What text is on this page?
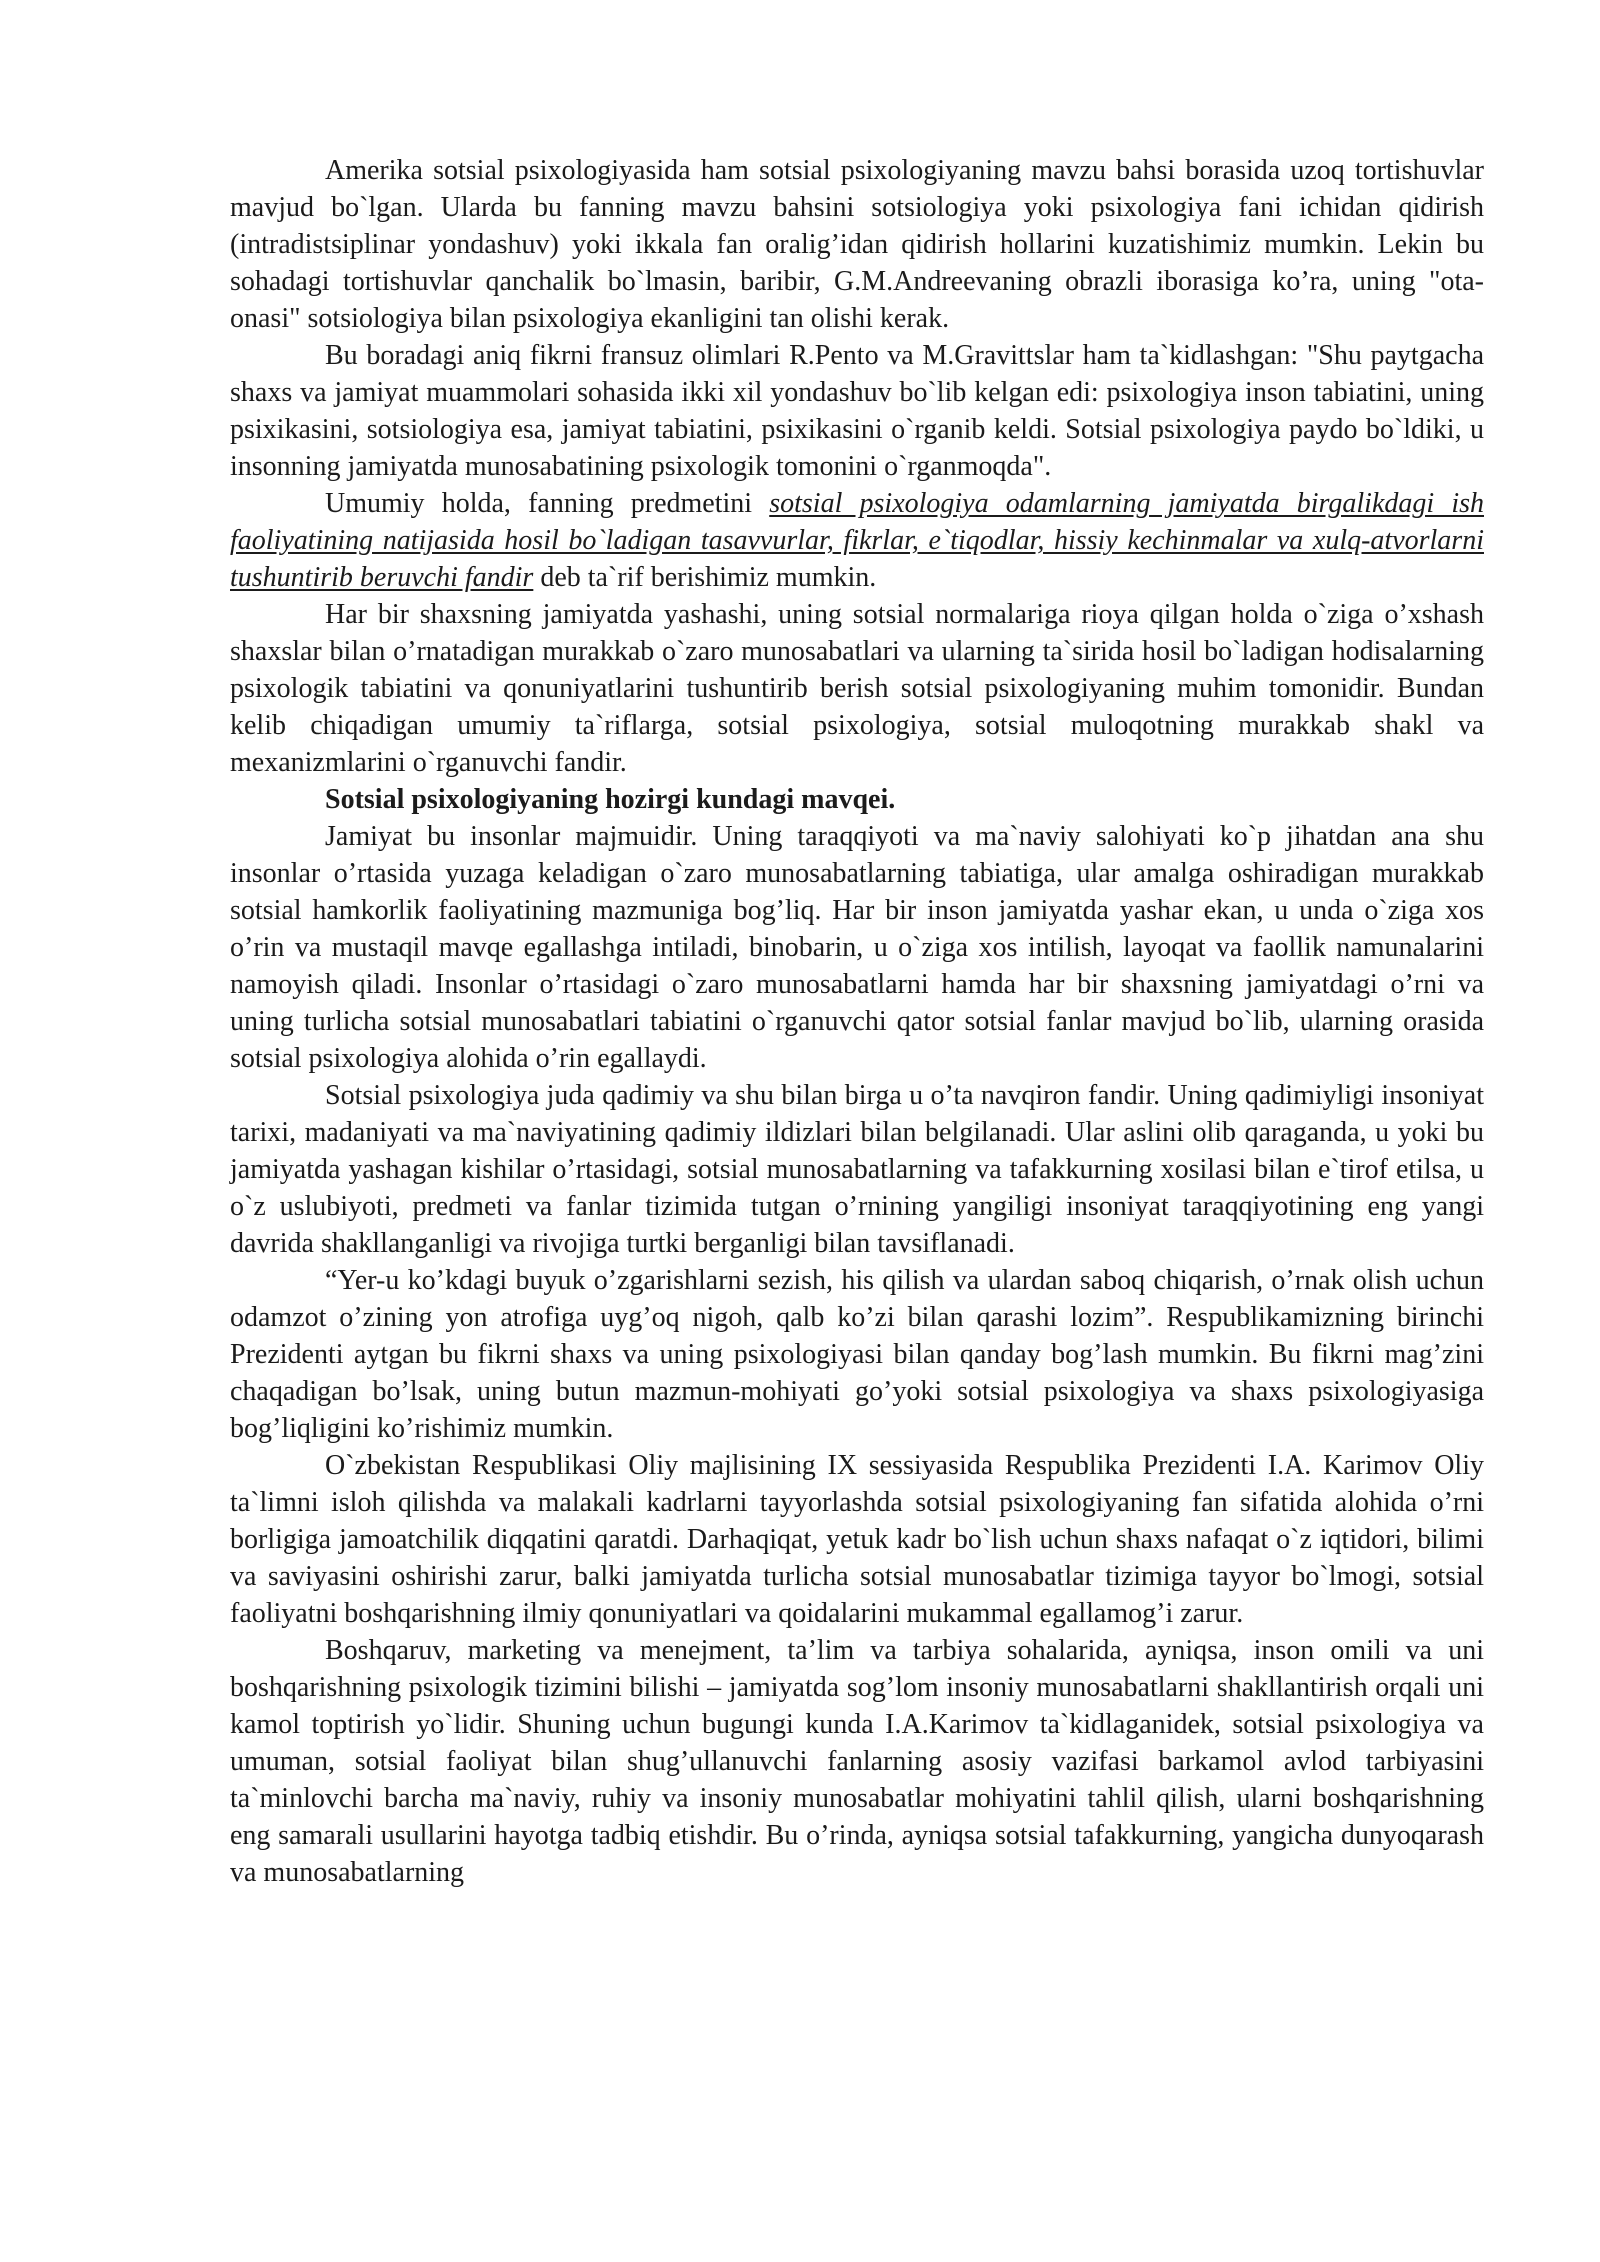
Amerika sotsial psixologiyasida ham sotsial psixologiyaning mavzu bahsi borasida uzoq tortishuvlar mavjud bo`lgan. Ularda bu fanning mavzu bahsini sotsiologiya yoki psixologiya fani ichidan qidirish (intradistsiplinar yondashuv) yoki ikkala fan oralig’idan qidirish hollarini kuzatishimiz mumkin. Lekin bu sohadagi tortishuvlar qanchalik bo`lmasin, baribir, G.M.Andreevaning obrazli iborasiga ko’ra, uning "ota-onasi" sotsiologiya bilan psixologiya ekanligini tan olishi kerak.

Bu boradagi aniq fikrni fransuz olimlari R.Pento va M.Gravittslar ham ta`kidlashgan: "Shu paytgacha shaxs va jamiyat muammolari sohasida ikki xil yondashuv bo`lib kelgan edi: psixologiya inson tabiatini, uning psixikasini, sotsiologiya esa, jamiyat tabiatini, psixikasini o`rganib keldi. Sotsial psixologiya paydo bo`ldiki, u insonning jamiyatda munosabatining psixologik tomonini o`rganmoqda".

Umumiy holda, fanning predmetini sotsial psixologiya odamlarning jamiyatda birgalikdagi ish faoliyatining natijasida hosil bo`ladigan tasavvurlar, fikrlar, e`tiqodlar, hissiy kechinmalar va xulq-atvorlarni tushuntirib beruvchi fandir deb ta`rif berishimiz mumkin.

Har bir shaxsning jamiyatda yashashi, uning sotsial normalariga rioya qilgan holda o`ziga o’xshash shaxslar bilan o’rnatadigan murakkab o`zaro munosabatlari va ularning ta`sirida hosil bo`ladigan hodisalarning psixologik tabiatini va qonuniyatlarini tushuntirib berish sotsial psixologiyaning muhim tomonidir. Bundan kelib chiqadigan umumiy ta`riflarga, sotsial psixologiya, sotsial muloqotning murakkab shakl va mexanizmlarini o`rganuvchi fandir.

Sotsial psixologiyaning hozirgi kundagi mavqei.

Jamiyat bu insonlar majmuidir. Uning taraqqiyoti va ma`naviy salohiyati ko`p jihatdan ana shu insonlar o’rtasida yuzaga keladigan o`zaro munosabatlarning tabiatiga, ular amalga oshiradigan murakkab sotsial hamkorlik faoliyatining mazmuniga bog’liq. Har bir inson jamiyatda yashar ekan, u unda o`ziga xos o’rin va mustaqil mavqe egallashga intiladi, binobarin, u o`ziga xos intilish, layoqat va faollik namunalarini namoyish qiladi. Insonlar o’rtasidagi o`zaro munosabatlarni hamda har bir shaxsning jamiyatdagi o’rni va uning turlicha sotsial munosabatlari tabiatini o`rganuvchi qator sotsial fanlar mavjud bo`lib, ularning orasida sotsial psixologiya alohida o’rin egallaydi.

Sotsial psixologiya juda qadimiy va shu bilan birga u o’ta navqiron fandir. Uning qadimiyligi insoniyat tarixi, madaniyati va ma`naviyatining qadimiy ildizlari bilan belgilanadi. Ular aslini olib qaraganda, u yoki bu jamiyatda yashagan kishilar o’rtasidagi, sotsial munosabatlarning va tafakkurning xosilasi bilan e`tirof etilsa, u o`z uslubiyoti, predmeti va fanlar tizimida tutgan o’rnining yangiligi insoniyat taraqqiyotining eng yangi davrida shakllanganligi va rivojiga turtki berganligi bilan tavsiflanadi.

“Yer-u ko’kdagi buyuk o’zgarishlarni sezish, his qilish va ulardan saboq chiqarish, o’rnak olish uchun odamzot o’zining yon atrofiga uyg’oq nigoh, qalb ko’zi bilan qarashi lozim”. Respublikamizning birinchi Prezidenti aytgan bu fikrni shaxs va uning psixologiyasi bilan qanday bog’lash mumkin. Bu fikrni mag’zini chaqadigan bo’lsak, uning butun mazmun-mohiyati go’yoki sotsial psixologiya va shaxs psixologiyasiga bog’liqligini ko’rishimiz mumkin.

O`zbekistan Respublikasi Oliy majlisining IX sessiyasida Respublika Prezidenti I.A. Karimov Oliy ta`limni isloh qilishda va malakali kadrlarni tayyorlashda sotsial psixologiyaning fan sifatida alohida o’rni borligiga jamoatchilik diqqatini qaratdi. Darhaqiqat, yetuk kadr bo`lish uchun shaxs nafaqat o`z iqtidori, bilimi va saviyasini oshirishi zarur, balki jamiyatda turlicha sotsial munosabatlar tizimiga tayyor bo`lmogi, sotsial faoliyatni boshqarishning ilmiy qonuniyatlari va qoidalarini mukammal egallamog’i zarur.

Boshqaruv, marketing va menejment, ta’lim va tarbiya sohalarida, ayniqsa, inson omili va uni boshqarishning psixologik tizimini bilishi – jamiyatda sog’lom insoniy munosabatlarni shakllantirish orqali uni kamol toptirish yo`lidir. Shuning uchun bugungi kunda I.A.Karimov ta`kidlaganidek, sotsial psixologiya va umuman, sotsial faoliyat bilan shug’ullanuvchi fanlarning asosiy vazifasi barkamol avlod tarbiyasini ta`minlovchi barcha ma`naviy, ruhiy va insoniy munosabatlar mohiyatini tahlil qilish, ularni boshqarishning eng samarali usullarini hayotga tadbiq etishdir. Bu o’rinda, ayniqsa sotsial tafakkurning, yangicha dunyoqarash va munosabatlarning
